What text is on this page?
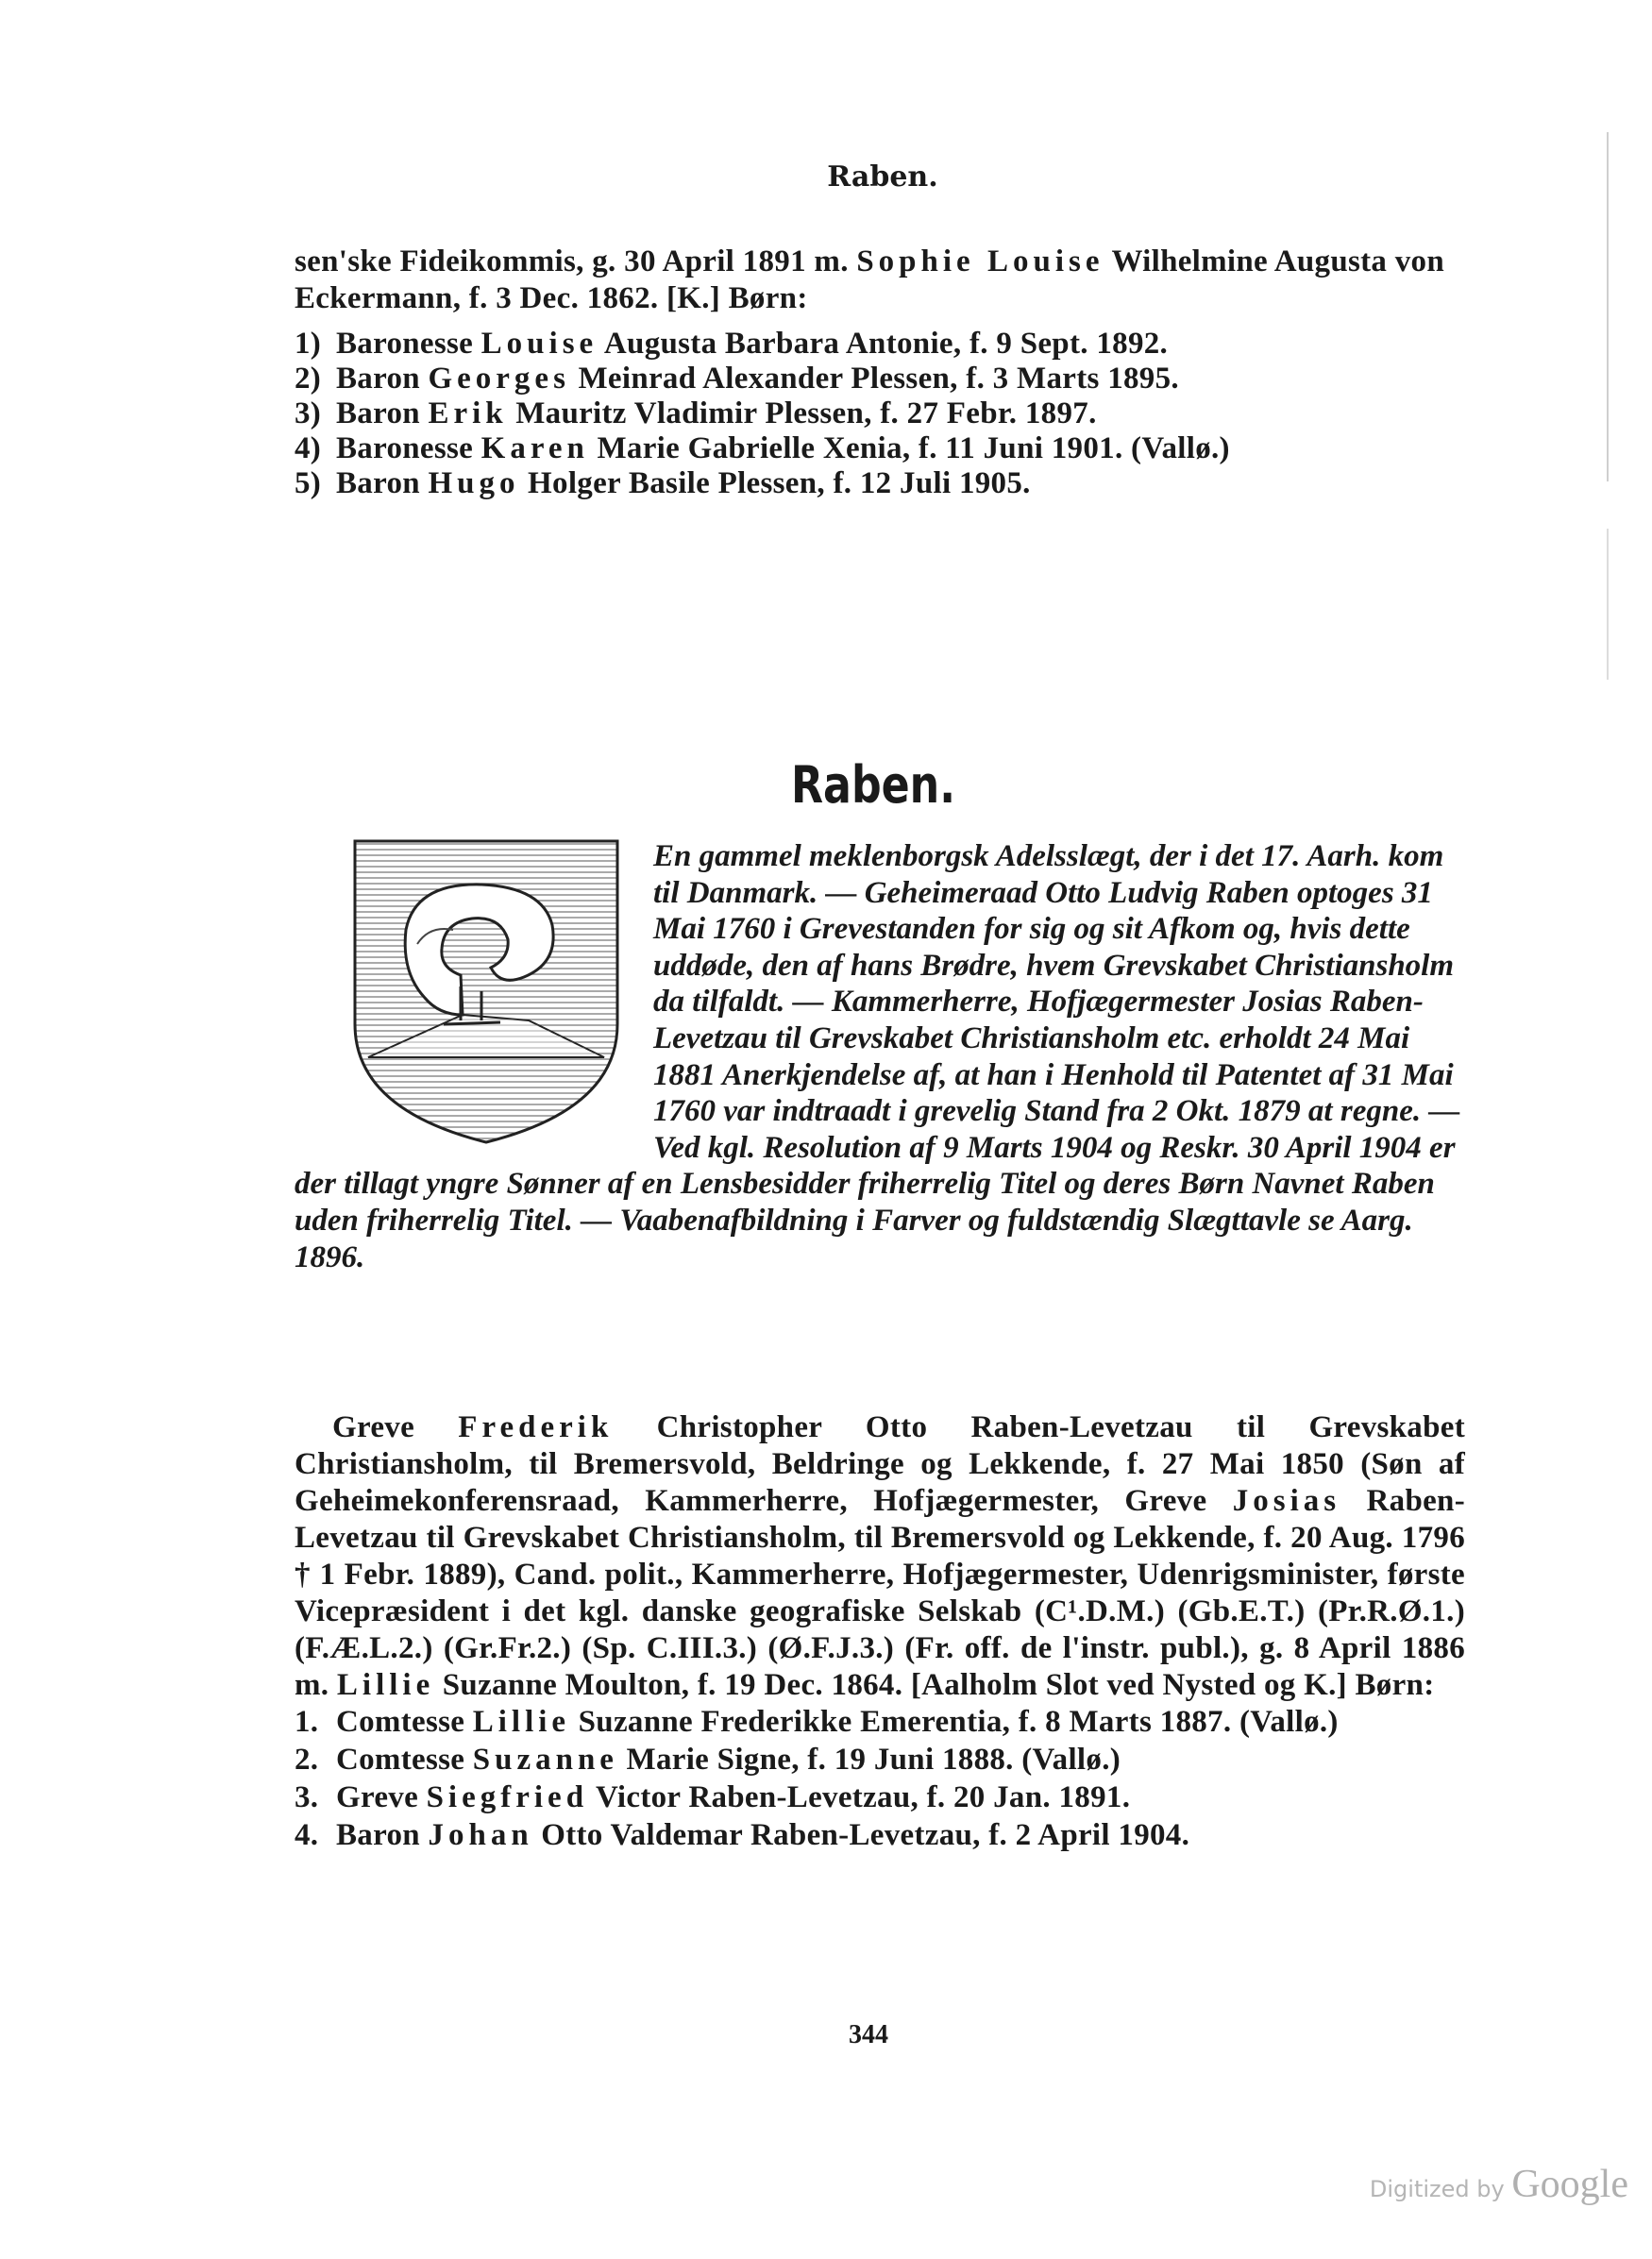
Raben.

sen'ske Fideikommis, g. 30 April 1891 m. Sophie Louise Wilhelmine Augusta von Eckermann, f. 3 Dec. 1862. [K.] Børn:

1) Baronesse Louise Augusta Barbara Antonie, f. 9 Sept. 1892.

2) Baron Georges Meinrad Alexander Plessen, f. 3 Marts 1895.

3) Baron Erik Mauritz Vladimir Plessen, f. 27 Febr. 1897.

4) Baronesse Karen Marie Gabrielle Xenia, f. 11 Juni 1901. (Vallø.)

5) Baron Hugo Holger Basile Plessen, f. 12 Juli 1905.

Raben.

En gammel meklenborgsk Adelsslægt, der i det 17. Aarh. kom til Danmark. — Geheimeraad Otto Ludvig Raben optoges 31 Mai 1760 i Grevestanden for sig og sit Afkom og, hvis dette uddøde, den af hans Brødre, hvem Grevskabet Christiansholm da tilfaldt. — Kammerherre, Hofjægermester Josias Raben-Levetzau til Grevskabet Christiansholm etc. erholdt 24 Mai 1881 Anerkjendelse af, at han i Henhold til Patentet af 31 Mai 1760 var indtraadt i grevelig Stand fra 2 Okt. 1879 at regne. — Ved kgl. Resolution af 9 Marts 1904 og Reskr. 30 April 1904 er der tillagt yngre Sønner af en Lensbesidder friherrelig Titel og deres Børn Navnet Raben uden friherrelig Titel. — Vaabenafbildning i Farver og fuldstændig Slægttavle se Aarg. 1896.

Greve Frederik Christopher Otto Raben-Levetzau til Grevskabet Christiansholm, til Bremersvold, Beldringe og Lekkende, f. 27 Mai 1850 (Søn af Geheimekonferensraad, Kammerherre, Hofjægermester, Greve Josias Raben-Levetzau til Grevskabet Christiansholm, til Bremersvold og Lekkende, f. 20 Aug. 1796 † 1 Febr. 1889), Cand. polit., Kammerherre, Hofjægermester, Udenrigsminister, første Vicepræsident i det kgl. danske geografiske Selskab (C¹.D.M.) (Gb.E.T.) (Pr.R.Ø.1.) (F.Æ.L.2.) (Gr.Fr.2.) (Sp. C.III.3.) (Ø.F.J.3.) (Fr. off. de l'instr. publ.), g. 8 April 1886 m. Lillie Suzanne Moulton, f. 19 Dec. 1864. [Aalholm Slot ved Nysted og K.] Børn:

1. Comtesse Lillie Suzanne Frederikke Emerentia, f. 8 Marts 1887. (Vallø.)

2. Comtesse Suzanne Marie Signe, f. 19 Juni 1888. (Vallø.)

3. Greve Siegfried Victor Raben-Levetzau, f. 20 Jan. 1891.

4. Baron Johan Otto Valdemar Raben-Levetzau, f. 2 April 1904.

344
Digitized by Google
